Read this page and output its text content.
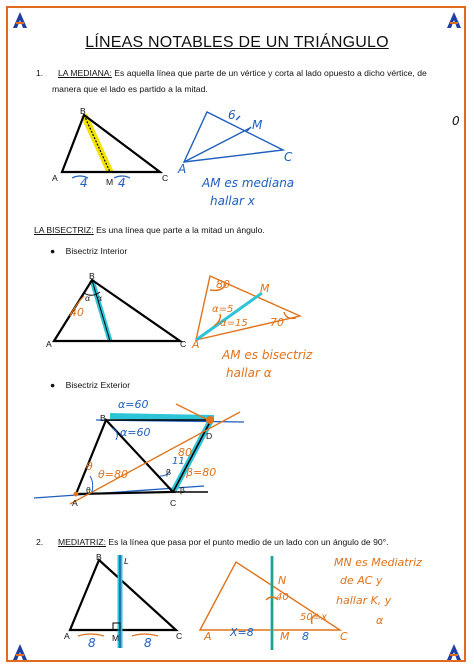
LÍNEAS NOTABLES DE UN TRIÁNGULO
1. LA MEDIANA: Es aquella línea que parte de un vértice y corta al lado opuesto a dicho vértice, de
manera que el lado es partido a la mitad.
0
B
A	M	C
4	4
6
M
A
C
AM es mediana
hallar x
LA BISECTRIZ: Es una línea que parte a la mitad un ángulo.
● Bisectriz Interior
B
A	C
α α
40
80	M
α=5
α=15 70
A
AM es bisectriz
hallar α
● Bisectriz Exterior
B
D
A	C
θ
β
β
α=60
α=60
80
β=80
θ=80
θ	11
2. MEDIATRIZ: Es la línea que pasa por el punto medio de un lado con un ángulo de 90°.
B	L
A	M	C
8	8
N
40
50=x
A X=8 M 8	C
MN es Mediatriz
de AC y
hallar K, y
α
